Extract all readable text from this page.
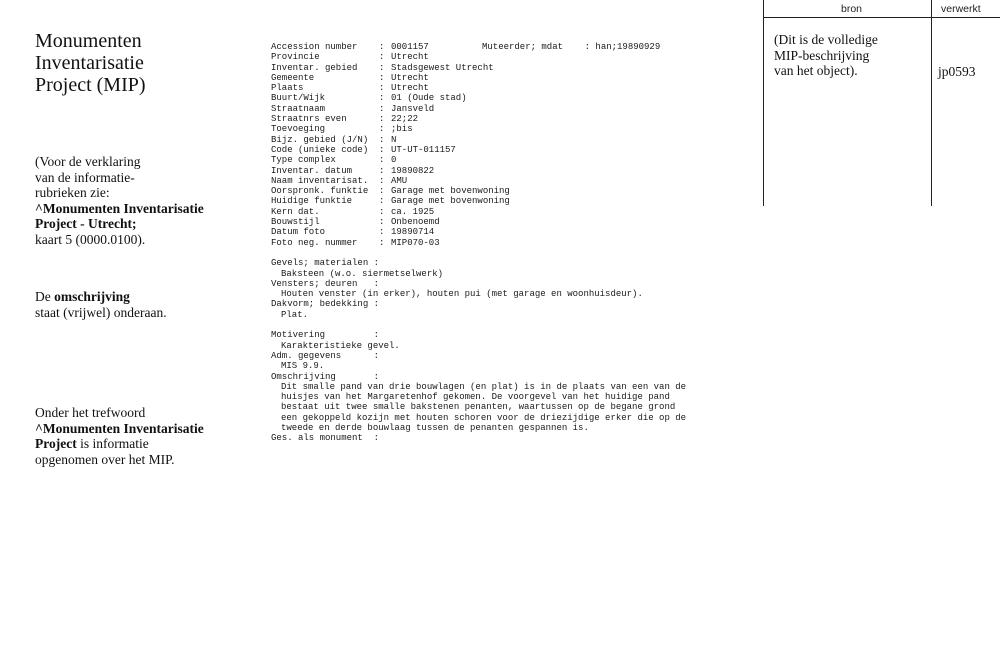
Monumenten
Inventarisatie
Project (MIP)
(Voor de verklaring
van de informatie-
rubrieken zie:
^Monumenten Inventarisatie
Project - Utrecht;
kaart 5 (0000.0100).
De omschrijving
staat (vrijwel) onderaan.
Onder het trefwoord
^Monumenten Inventarisatie
Project is informatie
opgenomen over het MIP.
Accession number	: 0001157	Muteerder; mdat    : han;19890929
Provincie	: Utrecht
Inventar. gebied	: Stadsgewest Utrecht
Gemeente	: Utrecht
Plaats	: Utrecht
Buurt/Wijk	: 01 (Oude stad)
Straatnaam	: Jansveld
Straatnrs even	: 22;22
Toevoeging	: ;bis
Bijz. gebied (J/N)	: N
Code (unieke code)	: UT-UT-011157
Type complex	: 0
Inventar. datum	: 19890822
Naam inventarisat.	: AMU
Oorspronk. funktie	: Garage met bovenwoning
Huidige funktie	: Garage met bovenwoning
Kern dat.	: ca. 1925
Bouwstijl	: Onbenoemd
Datum foto	: 19890714
Foto neg. nummer	: MIP070-03
Gevels; materialen :
Baksteen (w.o. siermetselwerk)
Vensters; deuren   :
Houten venster (in erker), houten pui (met garage en woonhuisdeur).
Dakvorm; bedekking :
Plat.
Motivering         :
Karakteristieke gevel.
Adm. gegevens      :
MIS 9.9.
Omschrijving       :
Dit smalle pand van drie bouwlagen (en plat) is in de plaats van een van de
huisjes van het Margaretenhof gekomen. De voorgevel van het huidige pand
bestaat uit twee smalle bakstenen penanten, waartussen op de begane grond
een gekoppeld kozijn met houten schoren voor de driezijdige erker die op de
tweede en derde bouwlaag tussen de penanten gespannen is.
Ges. als monument  :
bron	verwerkt
(Dit is de volledige
MIP-beschrijving
van het object).	jp0593
